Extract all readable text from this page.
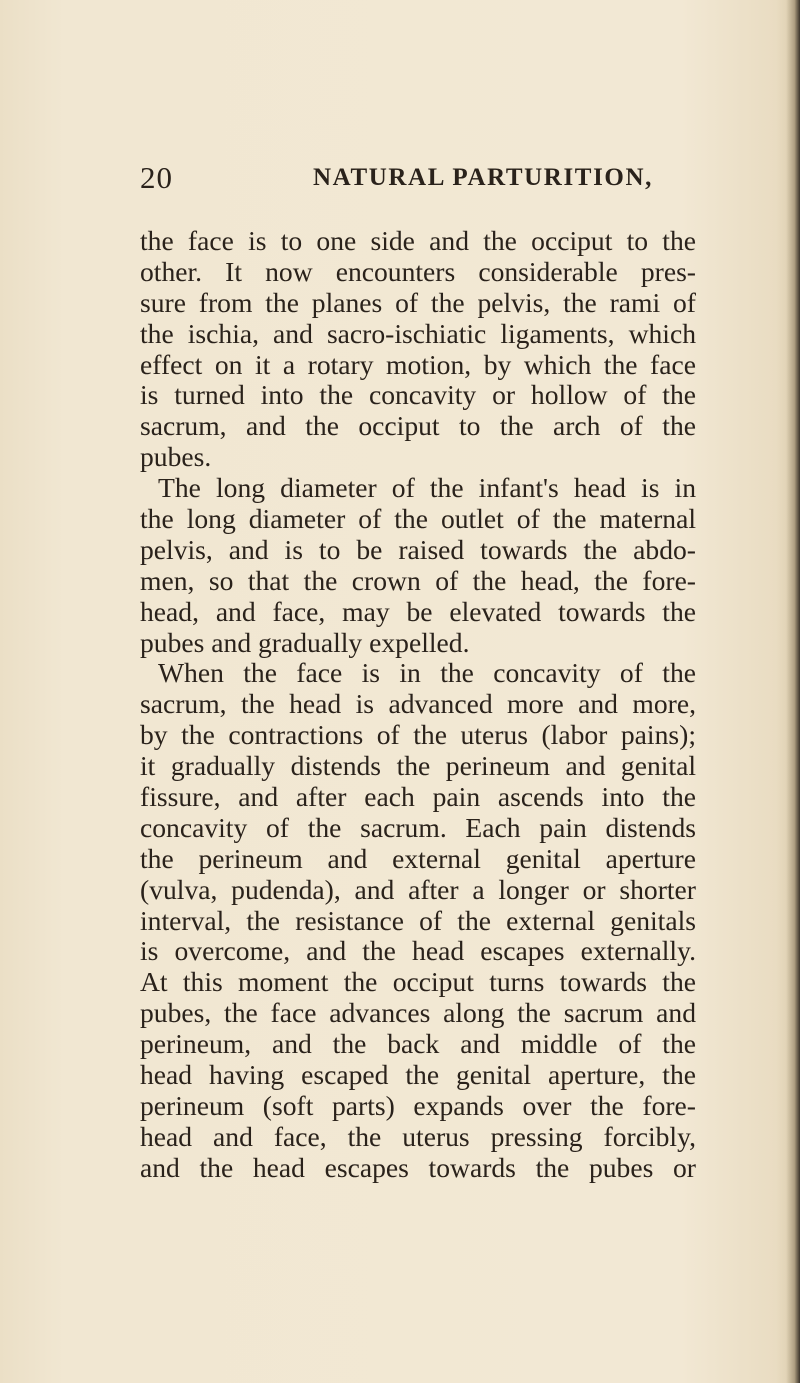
20	NATURAL PARTURITION,
the face is to one side and the occiput to the
other. It now encounters considerable pres-
sure from the planes of the pelvis, the rami of
the ischia, and sacro-ischiatic ligaments, which
effect on it a rotary motion, by which the face
is turned into the concavity or hollow of the
sacrum, and the occiput to the arch of the
pubes.
The long diameter of the infant's head is in
the long diameter of the outlet of the maternal
pelvis, and is to be raised towards the abdo-
men, so that the crown of the head, the fore-
head, and face, may be elevated towards the
pubes and gradually expelled.
When the face is in the concavity of the
sacrum, the head is advanced more and more,
by the contractions of the uterus (labor pains);
it gradually distends the perineum and genital
fissure, and after each pain ascends into the
concavity of the sacrum. Each pain distends
the perineum and external genital aperture
(vulva, pudenda), and after a longer or shorter
interval, the resistance of the external genitals
is overcome, and the head escapes externally.
At this moment the occiput turns towards the
pubes, the face advances along the sacrum and
perineum, and the back and middle of the
head having escaped the genital aperture, the
perineum (soft parts) expands over the fore-
head and face, the uterus pressing forcibly,
and the head escapes towards the pubes or
